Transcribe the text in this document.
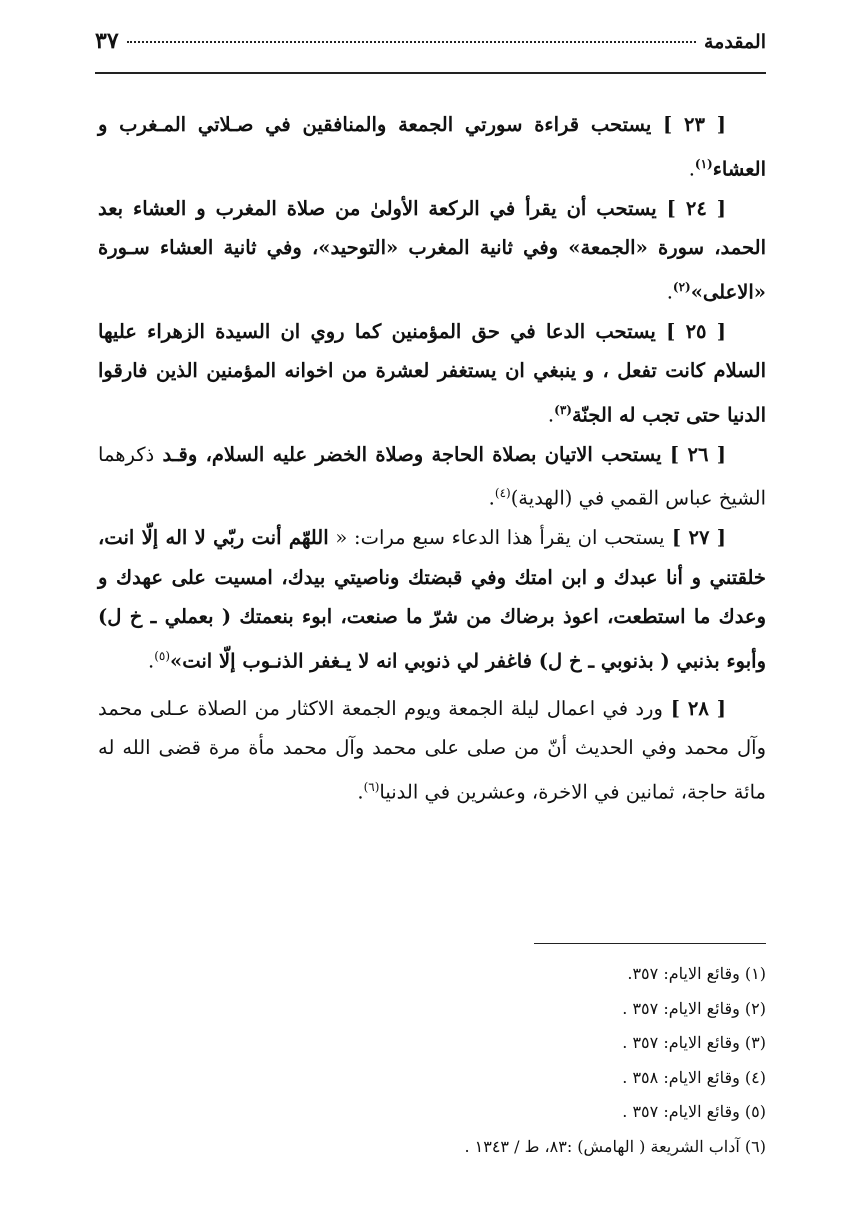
المقدمة
٣٧

[ ٢٣ ] يستحب قراءة سورتي الجمعة والمنافقين في صـلاتي المـغرب و العشاء$^{(١)}$.

[ ٢٤ ] يستحب أن يقرأ في الركعة الأولىٰ من صلاة المغرب و العشاء بعد الحمد، سورة «الجمعة» وفي ثانية المغرب «التوحيد»، وفي ثانية العشاء سـورة «الاعلى»$^{(٢)}$.

[ ٢٥ ] يستحب الدعا في حق المؤمنين كما روي ان السيدة الزهراء عليها السلام كانت تفعل ، و ينبغي ان يستغفر لعشرة من اخوانه المؤمنين الذين فارقوا الدنيا حتى تجب له الجنّة$^{(٣)}$.

[ ٢٦ ] يستحب الاتيان بصلاة الحاجة وصلاة الخضر عليه السلام، وقـد ذكرهما الشيخ عباس القمي في (الهدية)$^{(٤)}$.

[ ٢٧ ] يستحب ان يقرأ هذا الدعاء سبع مرات: « اللهّم أنت ربّي لا اله إلّا انت، خلقتني و أنا عبدك و ابن امتك وفي قبضتك وناصيتي بيدك، امسيت على عهدك و وعدك ما استطعت، اعوذ برضاك من شرّ ما صنعت، ابوء بنعمتك ( بعملي ـ خ ل) وأبوء بذنبي ( بذنوبي ـ خ ل) فاغفر لي ذنوبي انه لا يـغفر الذنـوب إلّا انت»$^{(٥)}$.

[ ٢٨ ] ورد في اعمال ليلة الجمعة ويوم الجمعة الاكثار من الصلاة عـلى محمد وآل محمد وفي الحديث أنّ من صلى على محمد وآل محمد مأة مرة قضى الله له مائة حاجة، ثمانين في الاخرة، وعشرين في الدنيا$^{(٦)}$.

(١) وقائع الايام: ٣٥٧.
(٢) وقائع الايام: ٣٥٧ .
(٣) وقائع الايام: ٣٥٧ .
(٤) وقائع الايام: ٣٥٨ .
(٥) وقائع الايام: ٣٥٧ .
(٦) آداب الشريعة ( الهامش) :٨٣، ط / ١٣٤٣ .
